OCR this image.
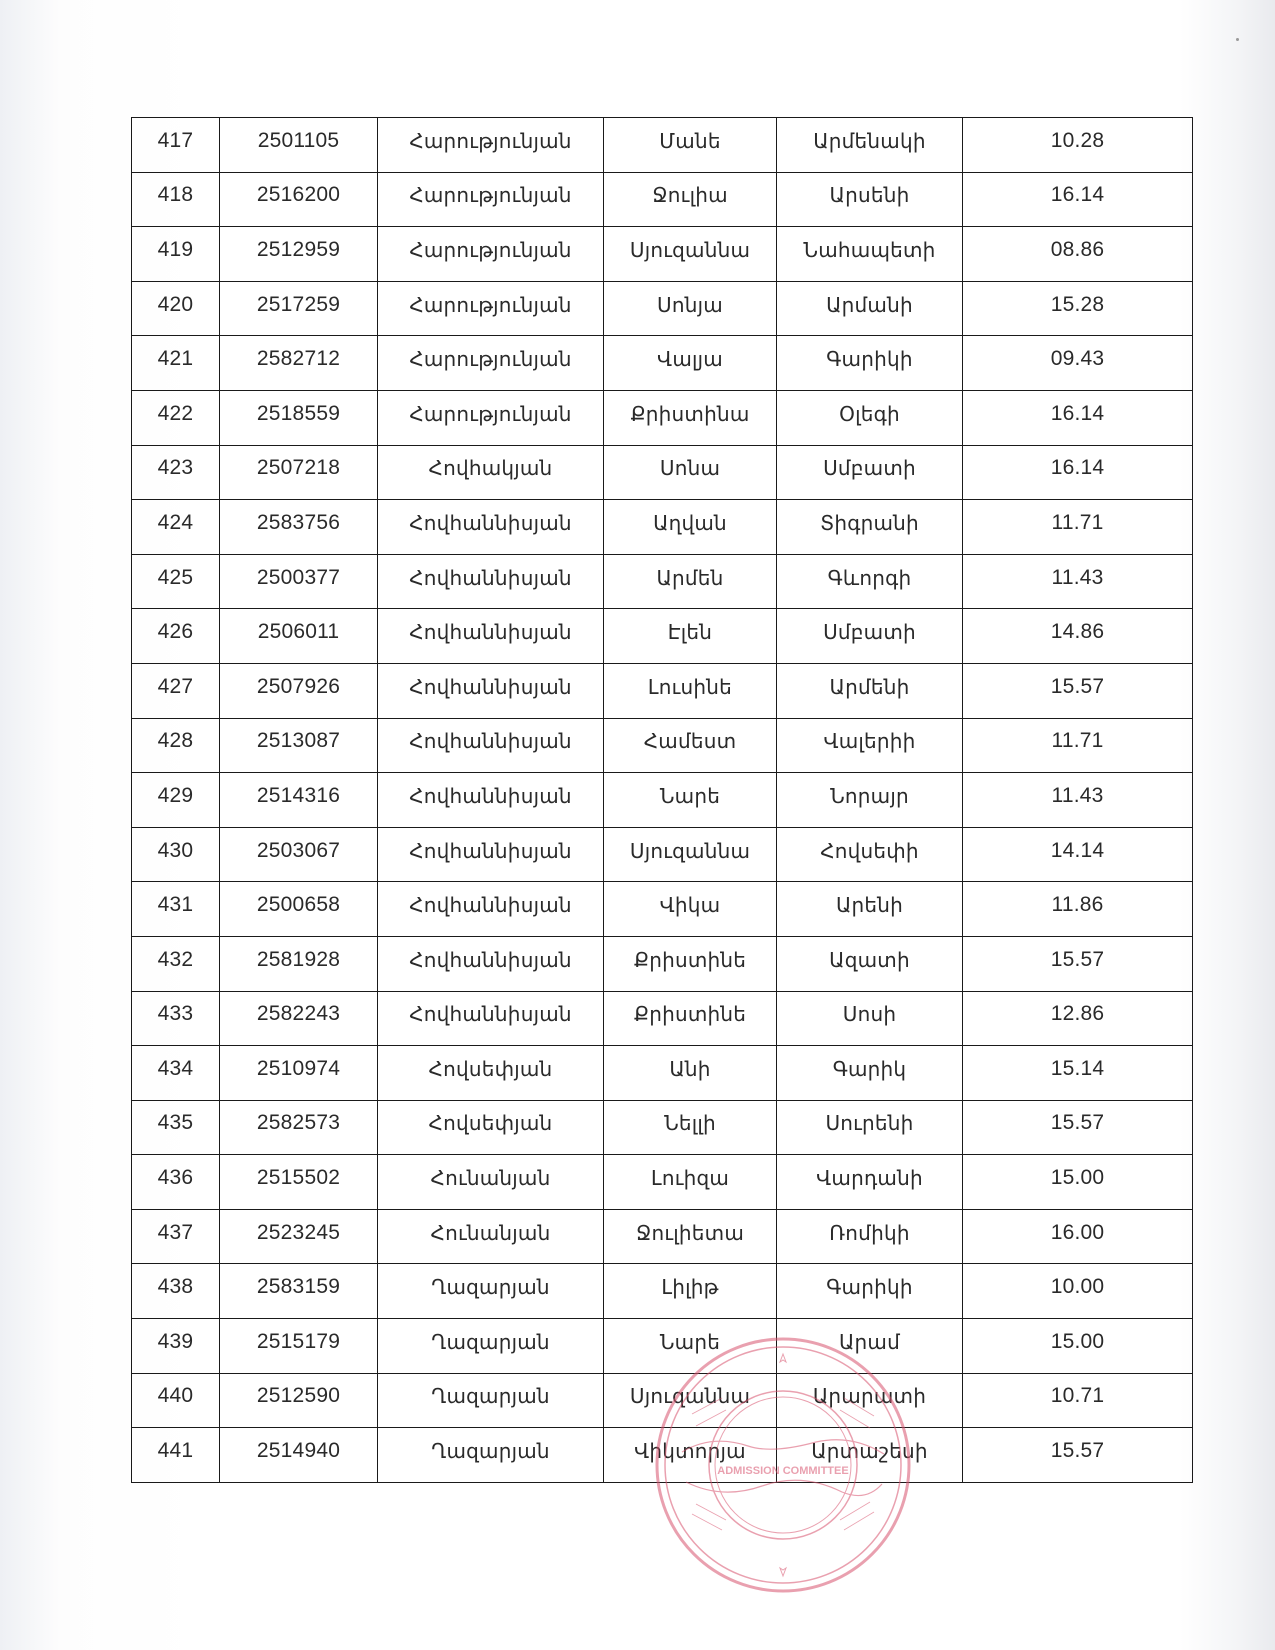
417	2501105	Հարությունյան	Մանե	Արմենակի	10.28
418	2516200	Հարությունյան	Ջուլիա	Արսենի	16.14
419	2512959	Հարությունյան	Սյուզաննա	Նահապետի	08.86
420	2517259	Հարությունյան	Սոնյա	Արմանի	15.28
421	2582712	Հարությունյան	Վալյա	Գարիկի	09.43
422	2518559	Հարությունյան	Քրիստինա	Օլեգի	16.14
423	2507218	Հովհակյան	Սոնա	Սմբատի	16.14
424	2583756	Հովհաննիսյան	Աղվան	Տիգրանի	11.71
425	2500377	Հովհաննիսյան	Արմեն	Գևորգի	11.43
426	2506011	Հովհաննիսյան	Էլեն	Սմբատի	14.86
427	2507926	Հովհաննիսյան	Լուսինե	Արմենի	15.57
428	2513087	Հովհաննիսյան	Համեստ	Վալերիի	11.71
429	2514316	Հովհաննիսյան	Նարե	Նորայր	11.43
430	2503067	Հովհաննիսյան	Սյուզաննա	Հովսեփի	14.14
431	2500658	Հովհաննիսյան	Վիկա	Արենի	11.86
432	2581928	Հովհաննիսյան	Քրիստինե	Ազատի	15.57
433	2582243	Հովհաննիսյան	Քրիստինե	Սոսի	12.86
434	2510974	Հովսեփյան	Անի	Գարիկ	15.14
435	2582573	Հովսեփյան	Նելլի	Սուրենի	15.57
436	2515502	Հունանյան	Լուիզա	Վարդանի	15.00
437	2523245	Հունանյան	Ջուլիետա	Ռոմիկի	16.00
438	2583159	Ղազարյան	Լիլիթ	Գարիկի	10.00
439	2515179	Ղազարյան	Նարե	Արամ	15.00
440	2512590	Ղազարյան	Սյուզաննա	Արարատի	10.71
441	2514940	Ղազարյան	Վիկտորյա	Արտաշեսի	15.57
ADMISSION COMMITTEE
